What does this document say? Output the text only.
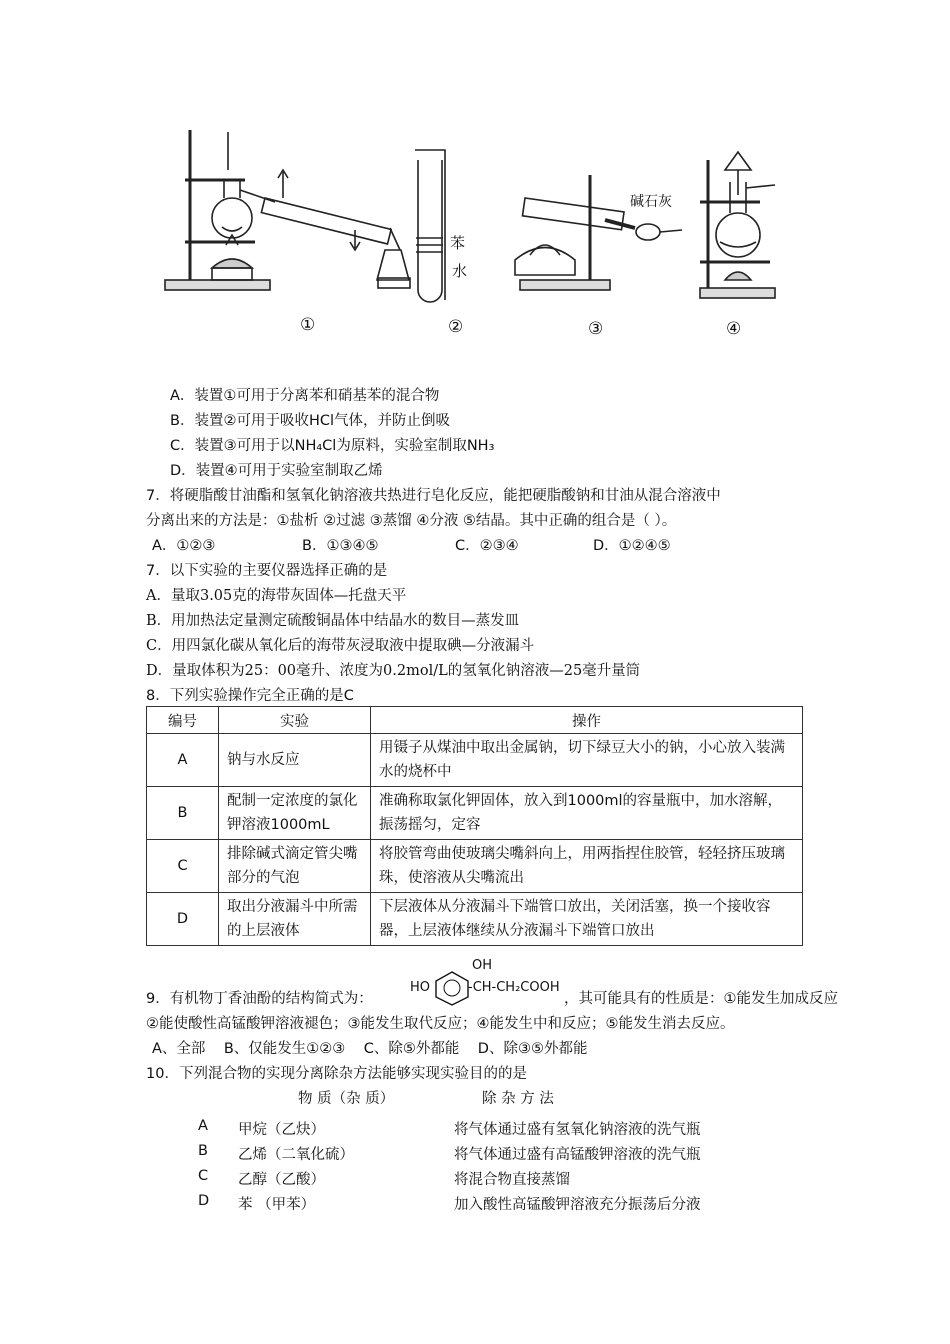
①	②	③	④
苯
水
碱石灰
A．装置①可用于分离苯和硝基苯的混合物
B．装置②可用于吸收HCl气体，并防止倒吸
C．装置③可用于以NH₄Cl为原料，实验室制取NH₃
D．装置④可用于实验室制取乙烯
7．将硬脂酸甘油酯和氢氧化钠溶液共热进行皂化反应，能把硬脂酸钠和甘油从混合溶液中
分离出来的方法是：①盐析 ②过滤 ③蒸馏 ④分液 ⑤结晶。其中正确的组合是（ ）。
A．①②③	B．①③④⑤	C．②③④	D．①②④⑤
7．以下实验的主要仪器选择正确的是
A．量取3.05克的海带灰固体—托盘天平
B．用加热法定量测定硫酸铜晶体中结晶水的数目—蒸发皿
C．用四氯化碳从氧化后的海带灰浸取液中提取碘—分液漏斗
D．量取体积为25：00毫升、浓度为0.2mol/L的氢氧化钠溶液—25毫升量筒
8．下列实验操作完全正确的是C
编号	实验	操作
A	钠与水反应	用镊子从煤油中取出金属钠，切下绿豆大小的钠，小心放入装满水的烧杯中
B	配制一定浓度的氯化钾溶液1000mL	准确称取氯化钾固体，放入到1000ml的容量瓶中，加水溶解，振荡摇匀，定容
C	排除碱式滴定管尖嘴部分的气泡	将胶管弯曲使玻璃尖嘴斜向上，用两指捏住胶管，轻轻挤压玻璃珠，使溶液从尖嘴流出
D	取出分液漏斗中所需的上层液体	下层液体从分液漏斗下端管口放出，关闭活塞，换一个接收容器，上层液体继续从分液漏斗下端管口放出
9．有机物丁香油酚的结构简式为：
OH
HO	-CH-CH₂COOH
，其可能具有的性质是：①能发生加成反应
②能使酸性高锰酸钾溶液褪色；③能发生取代反应；④能发生中和反应；⑤能发生消去反应。
A、全部    B、仅能发生①②③    C、除⑤外都能    D、除③⑤外都能
10．下列混合物的实现分离除杂方法能够实现实验目的的是
物 质（杂 质）	除 杂 方 法
A 甲烷（乙炔）	将气体通过盛有氢氧化钠溶液的洗气瓶
B 乙烯（二氧化硫）	将气体通过盛有高锰酸钾溶液的洗气瓶
C 乙醇（乙酸）	将混合物直接蒸馏
D 苯 （甲苯）	加入酸性高锰酸钾溶液充分振荡后分液
